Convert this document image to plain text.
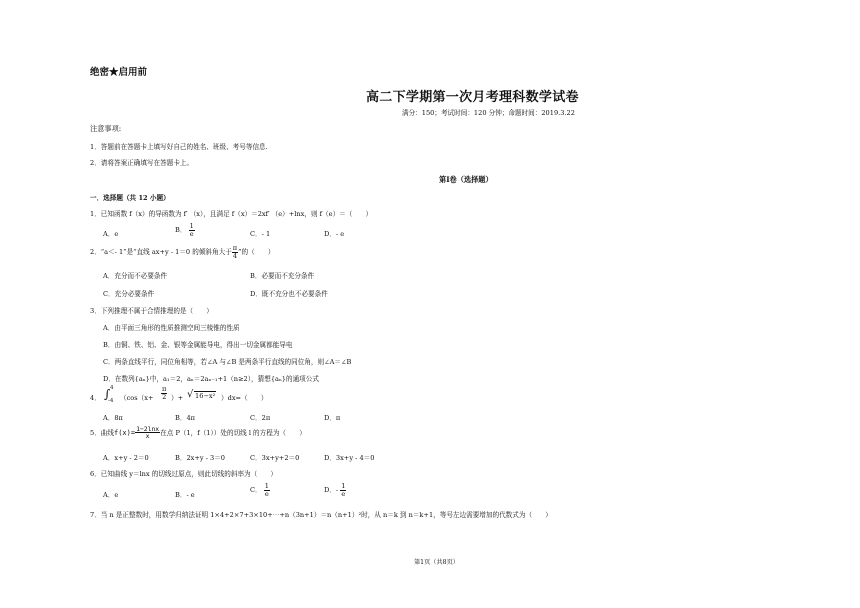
绝密★启用前
高二下学期第一次月考理科数学试卷
满分：150；考试时间：120 分钟；命题时间：2019.3.22
注意事项:
1．答题前在答题卡上填写好自己的姓名、班级、考号等信息.
2．请将答案正确填写在答题卡上。
第Ⅰ卷（选择题）
一．选择题（共 12 小题）
1．已知函数 f（x）的导函数为 f′ （x），且满足 f（x）＝2xf′ （e）+lnx，则 f（e）＝（　　）
A．e	B． $\frac{1}{e}$	C．- 1	D．- e
2．“a＜- 1”是“直线 ax+y - 1＝0 的倾斜角大于 $\frac{\pi}{4}$ ”的（　　）
A．充分而不必要条件	B．必要而不充分条件
C．充分必要条件	D．既不充分也不必要条件
3．下列推理不属于合情推理的是（　　）
A．由平面三角形的性质推测空间三棱锥的性质
B．由铜、铁、铝、金、银等金属能导电，得出一切金属都能导电
C．两条直线平行，同位角相等，若∠A 与∠B 是两条平行直线的同位角，则∠A＝∠B
D．在数列{aₙ}中，a₁＝2，aₙ＝2aₙ₋₁+1（n≥2），猜想{aₙ}的通项公式
4． ∫ 4
-4 （$\cos(x+ \frac{\pi}{2}$ ）+ √ 16−x² ）dx=（　　）
A．8π	B．4π	C．2π	D．π
5．曲线$f(x)= \frac{1-2\ln x}{x}$ 在点 P（1，f（1））处的切线 l 的方程为（　　）
A．x+y - 2＝0	B．2x+y - 3＝0	C．3x+y+2＝0	D．3x+y - 4＝0
6．已知曲线 y＝lnx 的切线过原点，则此切线的斜率为（　　）
A．e	B．- e
C． $\frac{1}{e}$	D．- $\frac{1}{e}$
7．当 n 是正整数时，用数学归纳法证明 1×4+2×7+3×10+⋯+n（3n+1）＝n（n+1）²时，从 n＝k 到 n＝k+1，等号左边需要增加的代数式为（　　）
第1页（共8页）
